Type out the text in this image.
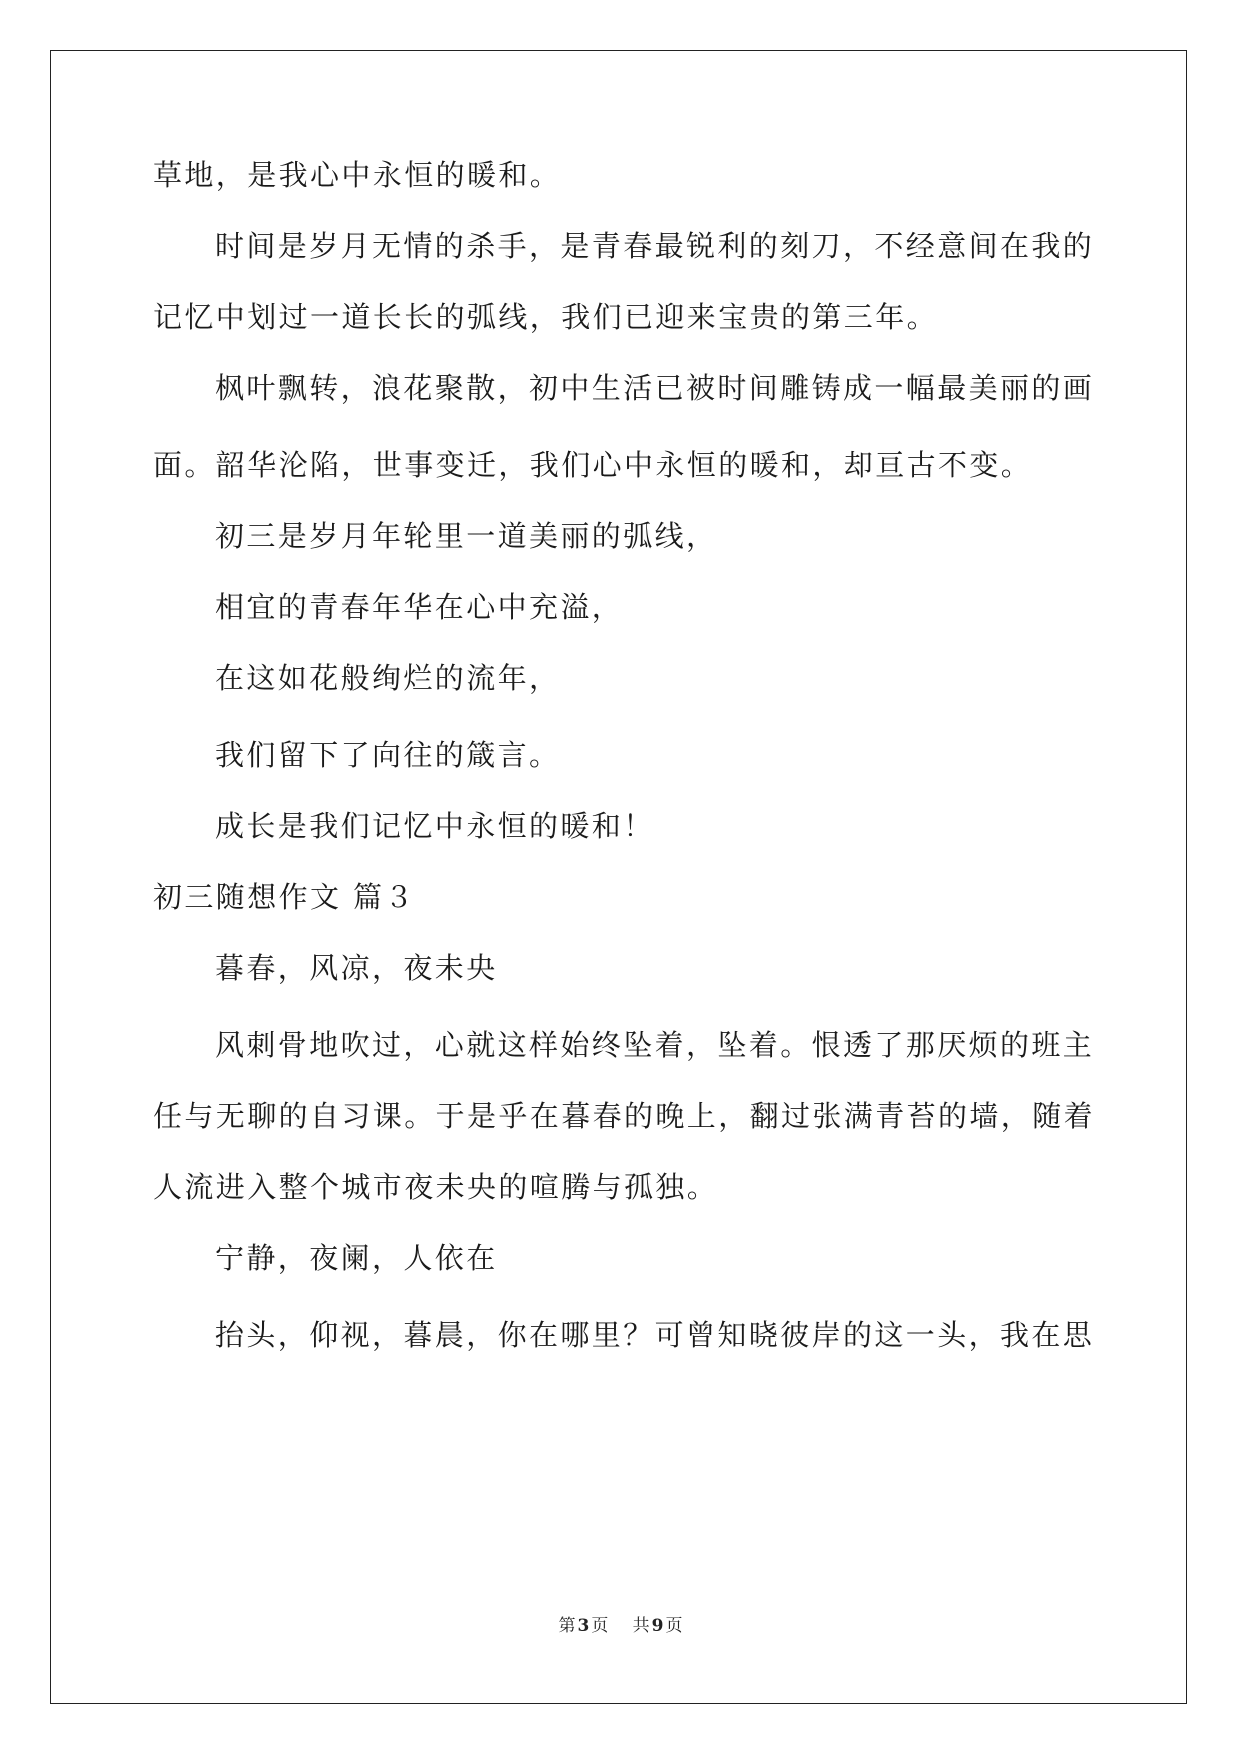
草地，是我心中永恒的暖和。
时间是岁月无情的杀手，是青春最锐利的刻刀，不经意间在我的
记忆中划过一道长长的弧线，我们已迎来宝贵的第三年。
枫叶飘转，浪花聚散，初中生活已被时间雕铸成一幅最美丽的画
面。韶华沦陷，世事变迁，我们心中永恒的暖和，却亘古不变。
初三是岁月年轮里一道美丽的弧线，
相宜的青春年华在心中充溢，
在这如花般绚烂的流年，
我们留下了向往的箴言。
成长是我们记忆中永恒的暖和！
初三随想作文 篇３
暮春，风凉，夜未央
风刺骨地吹过，心就这样始终坠着，坠着。恨透了那厌烦的班主
任与无聊的自习课。于是乎在暮春的晚上，翻过张满青苔的墙，随着
人流进入整个城市夜未央的喧腾与孤独。
宁静，夜阑，人依在
抬头，仰视，暮晨，你在哪里？可曾知晓彼岸的这一头，我在思
第 3 页 共 9 页
